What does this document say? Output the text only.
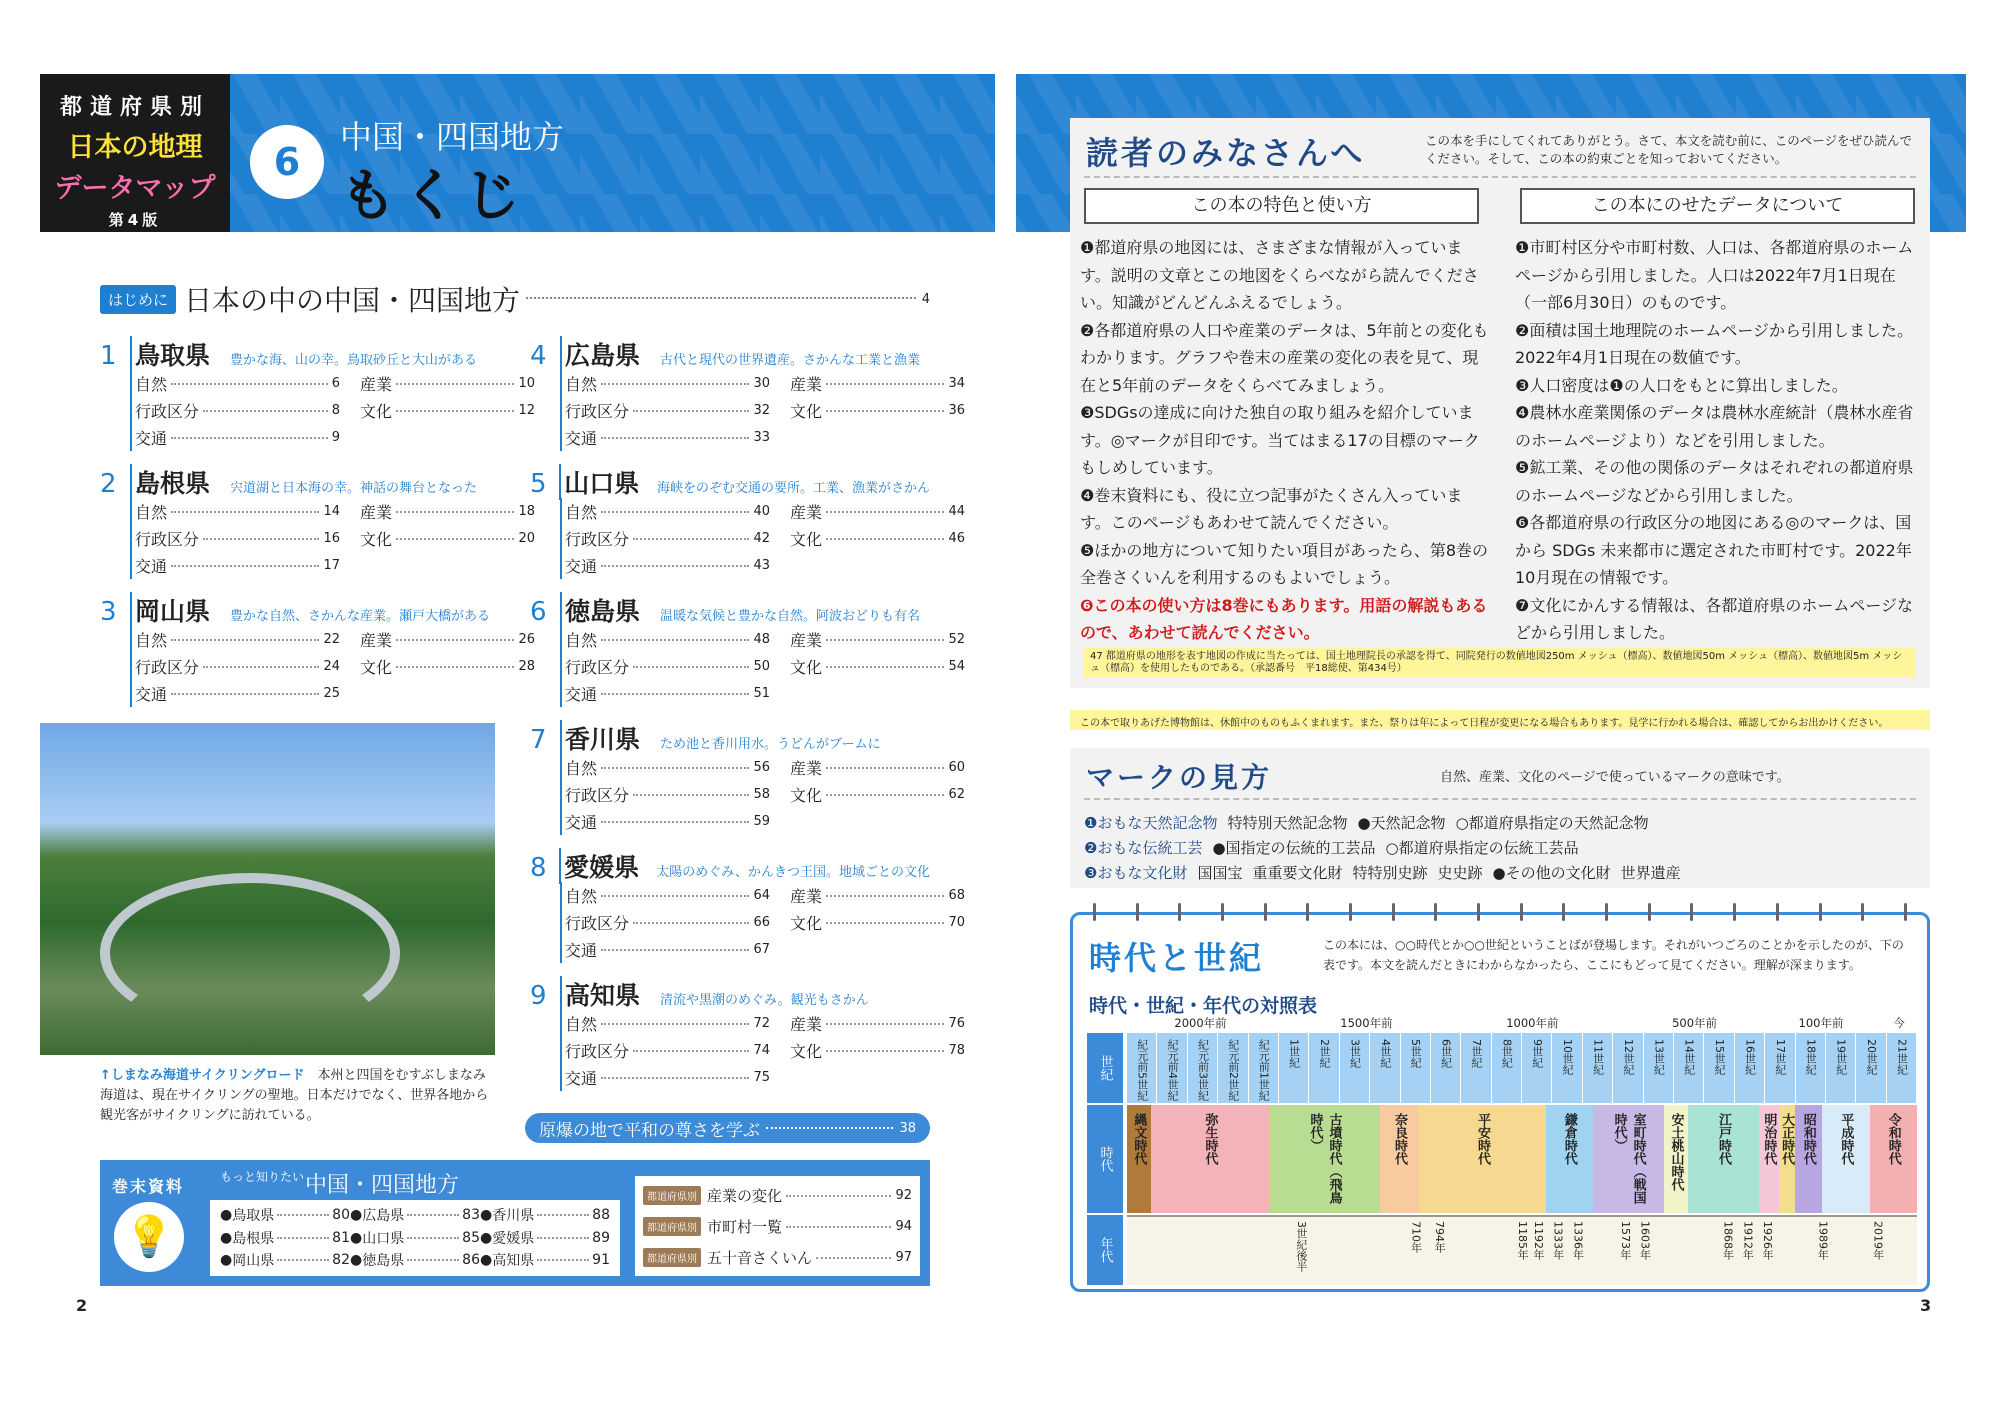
都道府県別
日本の地理
データマップ
第4版
6
中国・四国地方
もくじ
はじめに 日本の中の中国・四国地方	4
1 鳥取県	豊かな海、山の幸。鳥取砂丘と大山がある
自然	6 産業	10
行政区分	8 文化	12
交通	9
2 島根県	宍道湖と日本海の幸。神話の舞台となった
自然	14 産業	18
行政区分	16 文化	20
交通	17
3 岡山県	豊かな自然、さかんな産業。瀬戸大橋がある
自然	22 産業	26
行政区分	24 文化	28
交通	25
4 広島県	古代と現代の世界遺産。さかんな工業と漁業
自然	30 産業	34
行政区分	32 文化	36
交通	33
5 山口県	海峡をのぞむ交通の要所。工業、漁業がさかん
自然	40 産業	44
行政区分	42 文化	46
交通	43
6 徳島県	温暖な気候と豊かな自然。阿波おどりも有名
自然	48 産業	52
行政区分	50 文化	54
交通	51
7 香川県	ため池と香川用水。うどんがブームに
自然	56 産業	60
行政区分	58 文化	62
交通	59
8 愛媛県	太陽のめぐみ、かんきつ王国。地域ごとの文化
自然	64 産業	68
行政区分	66 文化	70
交通	67
9 高知県	清流や黒潮のめぐみ。観光もさかん
自然	72 産業	76
行政区分	74 文化	78
交通	75
↑しまなみ海道サイクリングロード　 本州と四国をむすぶしまなみ海道は、現在サイクリングの聖地。日本だけでなく、世界各地から観光客がサイクリングに訪れている。
原爆の地で平和の尊さを学ぶ	38
巻末資料
💡
もっと知りたい 中国・四国地方
● 鳥取県	80 ● 広島県	83 ● 香川県	88
● 島根県	81 ● 山口県	85 ● 愛媛県	89
● 岡山県	82 ● 徳島県	86 ● 高知県	91
都道府県別 産業の変化	92
都道府県別 市町村一覧	94
都道府県別 五十音さくいん	97
2
読者のみなさんへ	この本を手にしてくれてありがとう。さて、本文を読む前に、このページをぜひ読んでください。そして、この本の約束ごとを知っておいてください。
この本の特色と使い方	この本にのせたデータについて

❶都道府県の地図には、さまざまな情報が入っています。説明の文章とこの地図をくらべながら読んでください。知識がどんどんふえるでしょう。

❷各都道府県の人口や産業のデータは、5年前との変化もわかります。グラフや巻末の産業の変化の表を見て、現在と5年前のデータをくらべてみましょう。

❸SDGsの達成に向けた独自の取り組みを紹介しています。◎マークが目印です。当てはまる17の目標のマークもしめしています。

❹巻末資料にも、役に立つ記事がたくさん入っています。このページもあわせて読んでください。

❺ほかの地方について知りたい項目があったら、第8巻の全巻さくいんを利用するのもよいでしょう。

❻この本の使い方は8巻にもあります。用語の解説もあるので、あわせて読んでください。

❶市町村区分や市町村数、人口は、各都道府県のホームページから引用しました。人口は2022年7月1日現在（一部6月30日）のものです。

❷面積は国土地理院のホームページから引用しました。2022年4月1日現在の数値です。

❸人口密度は❶の人口をもとに算出しました。

❹農林水産業関係のデータは農林水産統計（農林水産省のホームページより）などを引用しました。

❺鉱工業、その他の関係のデータはそれぞれの都道府県のホームページなどから引用しました。

❻各都道府県の行政区分の地図にある◎のマークは、国から SDGs 未来都市に選定された市町村です。2022年10月現在の情報です。

❼文化にかんする情報は、各都道府県のホームページなどから引用しました。

47 都道府県の地形を表す地図の作成に当たっては、国土地理院長の承認を得て、同院発行の数値地図250m メッシュ（標高）、数値地図50m メッシュ（標高）、数値地図5m メッシュ（標高）を使用したものである。（承認番号　平18総使、第434号）
この本で取りあげた博物館は、休館中のものもふくまれます。また、祭りは年によって日程が変更になる場合もあります。見学に行かれる場合は、確認してからお出かけください。
マークの見方	自然、産業、文化のページで使っているマークの意味です。
❶おもな天然記念物 特特別天然記念物 ●天然記念物 ○都道府県指定の天然記念物
❷おもな伝統工芸 ●国指定の伝統的工芸品 ○都道府県指定の伝統工芸品
❸おもな文化財 国国宝 重重要文化財 特特別史跡 史史跡 ●その他の文化財 世界遺産
時代と世紀	この本には、○○時代とか○○世紀ということばが登場します。それがいつごろのことかを示したのが、下の表です。本文を読んだときにわからなかったら、ここにもどって見てください。理解が深まります。
時代・世紀・年代の対照表
2000年前	1500年前	1000年前	500年前	100年前	今
世紀
時代
年代
紀元前5世紀	紀元前4世紀	紀元前3世紀	紀元前2世紀	紀元前1世紀	1世紀	2世紀	3世紀	4世紀	5世紀	6世紀	7世紀	8世紀	9世紀	10世紀	11世紀	12世紀	13世紀	14世紀	15世紀	16世紀	17世紀	18世紀	19世紀	20世紀	21世紀
縄文時代	弥生時代	古墳時代（飛鳥時代）	奈良時代	平安時代	鎌倉時代	室町時代（戦国時代）	安土桃山時代	江戸時代	明治時代 大正時代 昭和時代	平成時代	令和時代
3世紀後半	710年 794年	1185年 1192年 1333年 1336年	1573年 1603年	1868年 1912年 1926年	1989年	2019年
3
